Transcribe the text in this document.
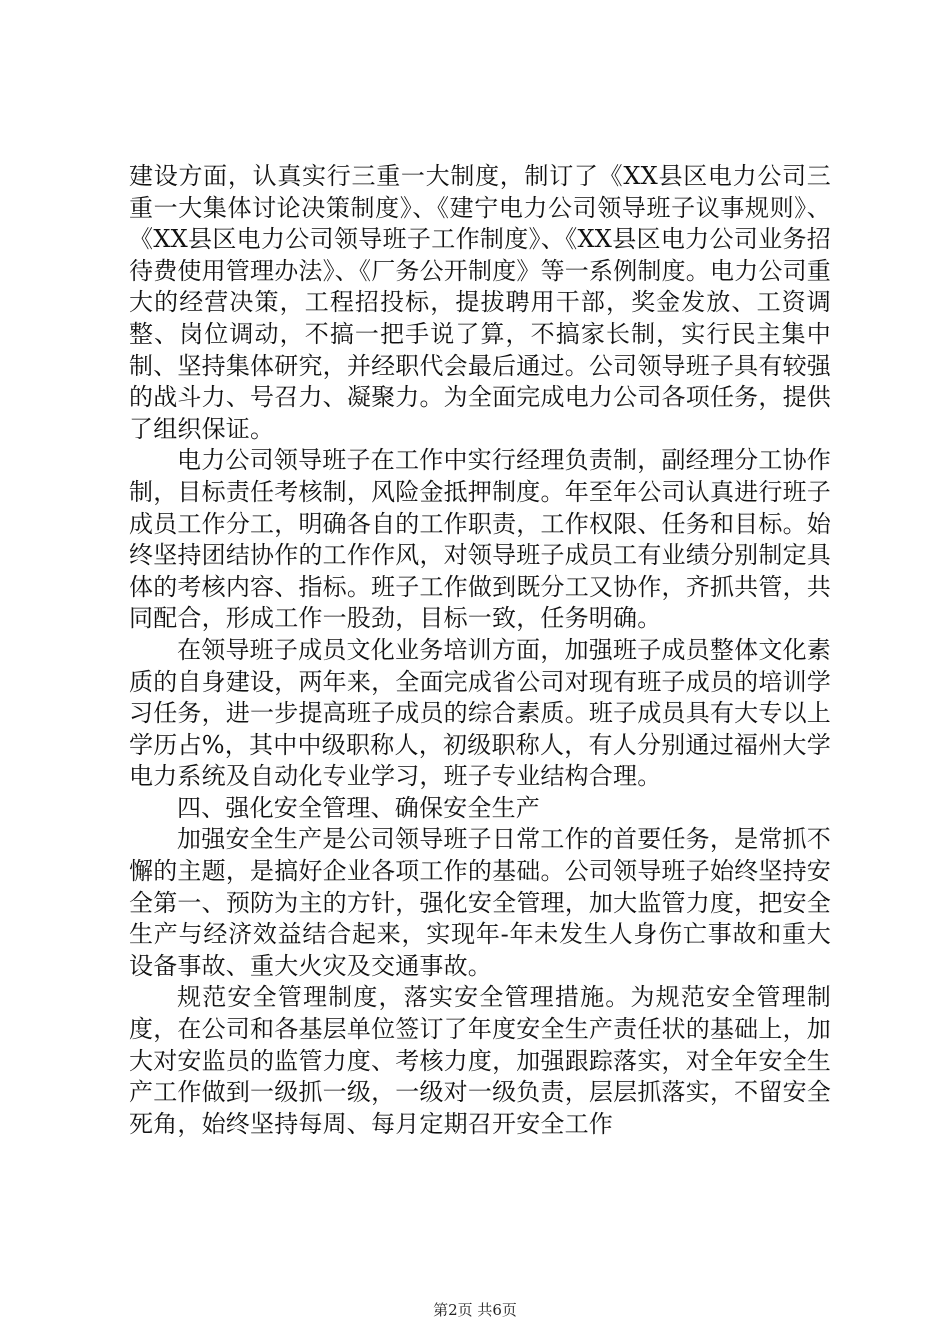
建设方面，认真实行三重一大制度，制订了《XX县区电力公司三重一大集体讨论决策制度》、《建宁电力公司领导班子议事规则》、《XX县区电力公司领导班子工作制度》、《XX县区电力公司业务招待费使用管理办法》、《厂务公开制度》等一系例制度。电力公司重大的经营决策，工程招投标，提拔聘用干部，奖金发放、工资调整、岗位调动，不搞一把手说了算，不搞家长制，实行民主集中制、坚持集体研究，并经职代会最后通过。公司领导班子具有较强的战斗力、号召力、凝聚力。为全面完成电力公司各项任务，提供了组织保证。

电力公司领导班子在工作中实行经理负责制，副经理分工协作制，目标责任考核制，风险金抵押制度。年至年公司认真进行班子成员工作分工，明确各自的工作职责，工作权限、任务和目标。始终坚持团结协作的工作作风，对领导班子成员工有业绩分别制定具体的考核内容、指标。班子工作做到既分工又协作，齐抓共管，共同配合，形成工作一股劲，目标一致，任务明确。

在领导班子成员文化业务培训方面，加强班子成员整体文化素质的自身建设，两年来，全面完成省公司对现有班子成员的培训学习任务，进一步提高班子成员的综合素质。班子成员具有大专以上学历占%，其中中级职称人，初级职称人，有人分别通过福州大学电力系统及自动化专业学习，班子专业结构合理。

四、强化安全管理、确保安全生产

加强安全生产是公司领导班子日常工作的首要任务，是常抓不懈的主题，是搞好企业各项工作的基础。公司领导班子始终坚持安全第一、预防为主的方针，强化安全管理，加大监管力度，把安全生产与经济效益结合起来，实现年-年未发生人身伤亡事故和重大设备事故、重大火灾及交通事故。

规范安全管理制度，落实安全管理措施。为规范安全管理制度，在公司和各基层单位签订了年度安全生产责任状的基础上，加大对安监员的监管力度、考核力度，加强跟踪落实，对全年安全生产工作做到一级抓一级，一级对一级负责，层层抓落实，不留安全死角，始终坚持每周、每月定期召开安全工作

第2页 共6页
